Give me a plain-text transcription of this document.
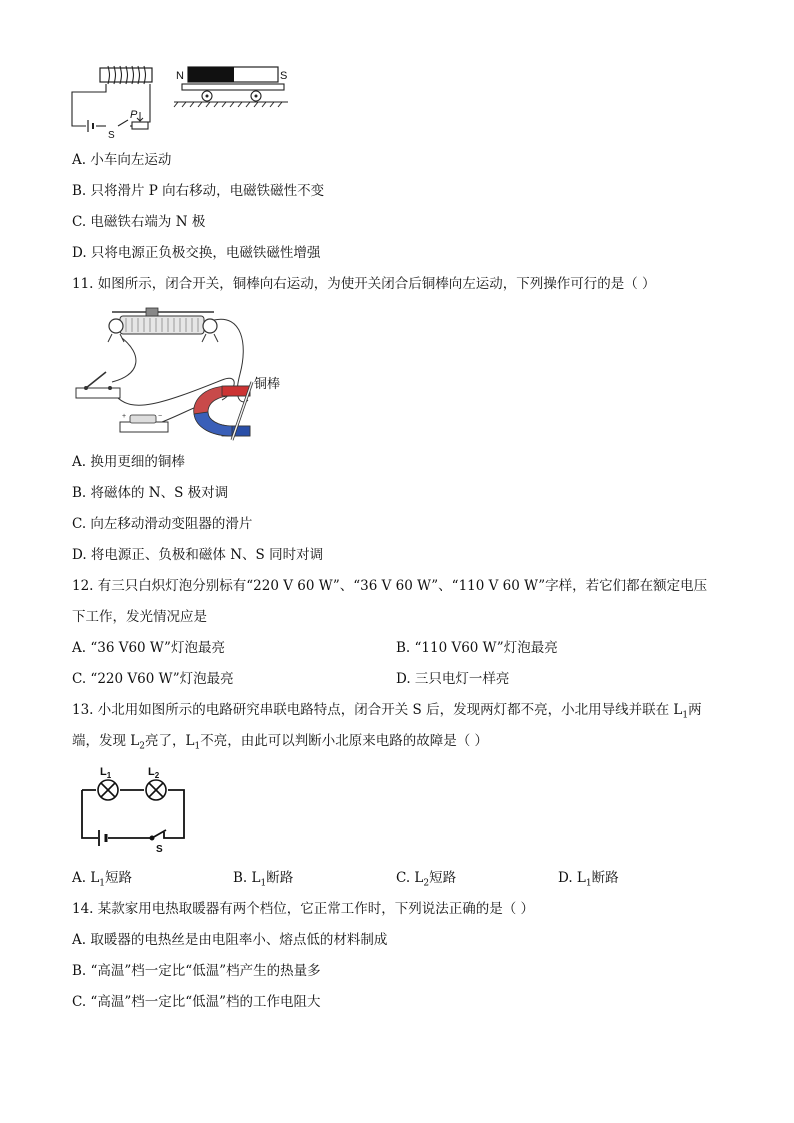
P
S
N	S
A. 小车向左运动
B. 只将滑片 P 向右移动，电磁铁磁性不变
C. 电磁铁右端为 N 极
D. 只将电源正负极交换，电磁铁磁性增强
11. 如图所示，闭合开关，铜棒向右运动，为使开关闭合后铜棒向左运动，下列操作可行的是（ ）
+	−
铜棒
A. 换用更细的铜棒
B. 将磁体的 N、S 极对调
C. 向左移动滑动变阻器的滑片
D. 将电源正、负极和磁体 N、S 同时对调
12. 有三只白炽灯泡分别标有“220 V 60 W”、“36 V 60 W”、“110 V 60 W”字样，若它们都在额定电压
下工作，发光情况应是
A. “36 V60 W”灯泡最亮	B. “110 V60 W”灯泡最亮
C. “220 V60 W”灯泡最亮	D. 三只电灯一样亮
13. 小北用如图所示的电路研究串联电路特点，闭合开关 S 后，发现两灯都不亮，小北用导线并联在 $L_1$两
端，发现 $L_2$亮了，$L_1$不亮，由此可以判断小北原来电路的故障是（ ）
$L_1$	$L_2$
S
A. $L_1$短路	B. $L_1$断路	C. $L_2$短路	D. $L_1$断路
14. 某款家用电热取暖器有两个档位，它正常工作时，下列说法正确的是（ ）
A. 取暖器的电热丝是由电阻率小、熔点低的材料制成
B. “高温”档一定比“低温”档产生的热量多
C. “高温”档一定比“低温”档的工作电阻大
